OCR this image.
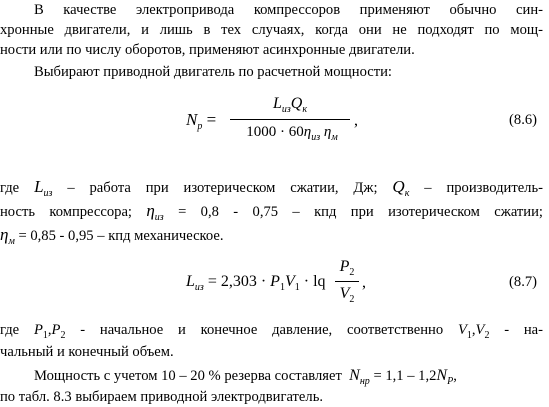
В качестве электропривода компрессоров применяют обычно син-
хронные двигатели, и лишь в тех случаях, когда они не подходят по мощ-
ности или по числу оборотов, применяют асинхронные двигатели.
Выбирают приводной двигатель по расчетной мощности:
$N_p$ =
$L_{из}Q_к$
$1000 \cdot 60\eta_{из}$ $\eta_м$
,	(8.6)
где $L_{из}$ – работа при изотерическом сжатии, Дж; $Q_к$ – производитель-
ность компрессора; $\eta_{из} = 0,8 - 0,75$ – кпд при изотерическом сжатии;
$\eta_м = 0,85 - 0,95$ – кпд механическое.
$L_{из} = 2,303 \cdot P_1V_1$ · lq
$P_2$
$V_2$
,	(8.7)
где $P_1,P_2$ - начальное и конечное давление, соответственно $V_1,V_2 - на-$
чальный и конечный объем.
Мощность с учетом 10 – 20 % резерва составляет $N_{нр} = 1,1 - 1,2N_P$,
по табл. 8.3 выбираем приводной электродвигатель.
